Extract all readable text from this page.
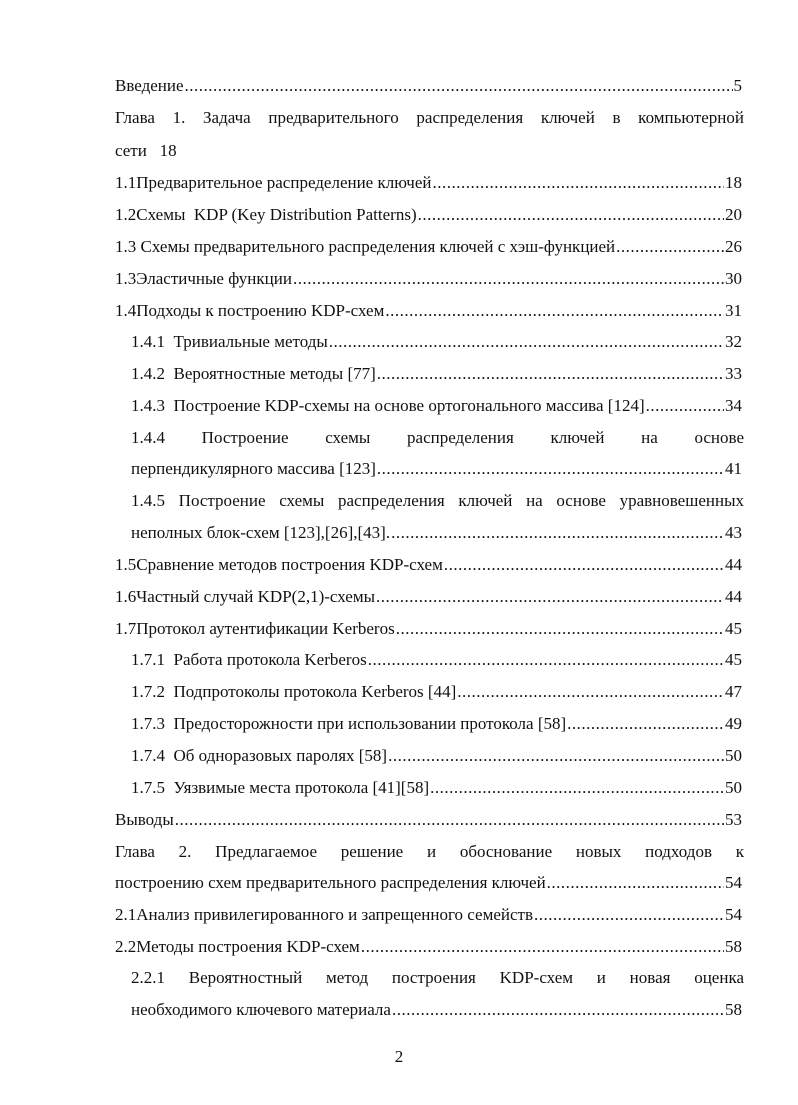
Введение .....	5
Глава 1. Задача предварительного распределения ключей в компьютерной
сети   18
1.1Предварительное распределение ключей .....	18
1.2Схемы  KDP (Key Distribution Patterns) .....	20
1.3 Схемы предварительного распределения ключей с хэш-функцией .....	26
1.3Эластичные функции .....	30
1.4Подходы к построению KDP-схем .....	31
1.4.1  Тривиальные методы .....	32
1.4.2  Вероятностные методы [77] .....	33
1.4.3  Построение KDP-схемы на основе ортогонального массива [124] .....	34
1.4.4 Построение схемы распределения ключей на основе
перпендикулярного массива [123] .....	41
1.4.5 Построение схемы распределения ключей на основе уравновешенных
неполных блок-схем [123],[26],[43]. .....	43
1.5Сравнение методов построения KDP-схем .....	44
1.6Частный случай KDP(2,1)-схемы .....	44
1.7Протокол аутентификации Kerberos .....	45
1.7.1  Работа протокола Kerberos .....	45
1.7.2  Подпротоколы протокола Kerberos [44] .....	47
1.7.3  Предосторожности при использовании протокола [58] .....	49
1.7.4  Об одноразовых паролях [58] .....	50
1.7.5  Уязвимые места протокола [41][58] .....	50
Выводы .....	53
Глава 2. Предлагаемое решение и обоснование новых подходов к
построению схем предварительного распределения ключей .....	54
2.1Анализ привилегированного и запрещенного семейств .....	54
2.2Методы построения KDP-схем .....	58
2.2.1 Вероятностный метод построения KDP-схем и новая оценка
необходимого ключевого материала .....	58
2
